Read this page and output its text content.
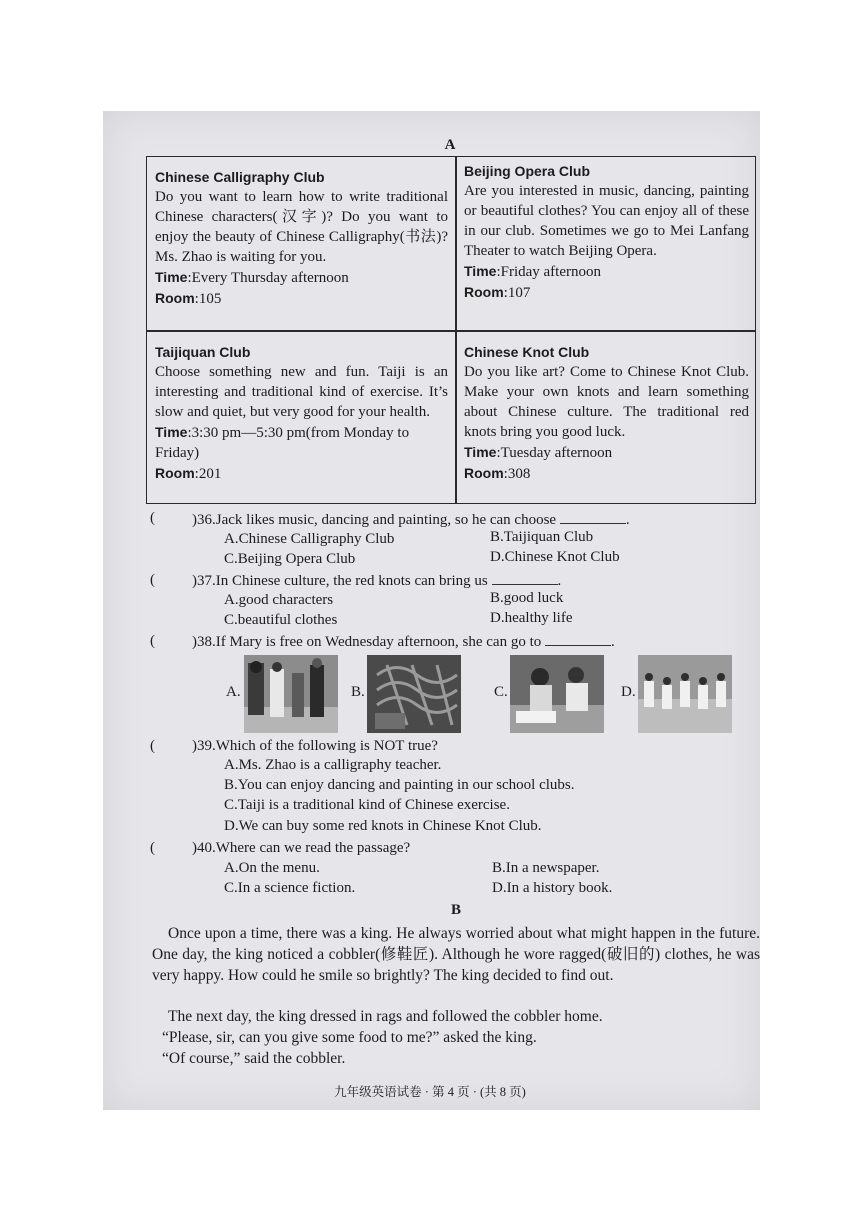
A
Chinese Calligraphy Club
Do you want to learn how to write traditional Chinese characters(汉字)? Do you want to enjoy the beauty of Chinese Calligraphy(书法)? Ms. Zhao is waiting for you.
Time:Every Thursday afternoon
Room:105
Beijing Opera Club
Are you interested in music, dancing, painting or beautiful clothes? You can enjoy all of these in our club. Sometimes we go to Mei Lanfang Theater to watch Beijing Opera.
Time:Friday afternoon
Room:107
Taijiquan Club
Choose something new and fun. Taiji is an interesting and traditional kind of exercise. It’s slow and quiet, but very good for your health.
Time:3:30 pm—5:30 pm(from Monday to Friday)
Room:201
Chinese Knot Club
Do you like art? Come to Chinese Knot Club. Make your own knots and learn something about Chinese culture. The traditional red knots bring you good luck.
Time:Tuesday afternoon
Room:308
( )36.Jack likes music, dancing and painting, so he can choose	.
A.Chinese Calligraphy Club	B.Taijiquan Club
C.Beijing Opera Club	D.Chinese Knot Club
( )37.In Chinese culture, the red knots can bring us	.
A.good characters	B.good luck
C.beautiful clothes	D.healthy life
( )38.If Mary is free on Wednesday afternoon, she can go to	.
A.	B.	C.	D.
( )39.Which of the following is NOT true?
A.Ms. Zhao is a calligraphy teacher.
B.You can enjoy dancing and painting in our school clubs.
C.Taiji is a traditional kind of Chinese exercise.
D.We can buy some red knots in Chinese Knot Club.
( )40.Where can we read the passage?
A.On the menu.	B.In a newspaper.
C.In a science fiction.	D.In a history book.
B
Once upon a time, there was a king. He always worried about what might happen in the future. One day, the king noticed a cobbler(修鞋匠). Although he wore ragged(破旧的) clothes, he was very happy. How could he smile so brightly? The king decided to find out.
The next day, the king dressed in rags and followed the cobbler home.
“Please, sir, can you give some food to me?” asked the king.
“Of course,” said the cobbler.
九年级英语试卷 · 第 4 页 · (共 8 页)
